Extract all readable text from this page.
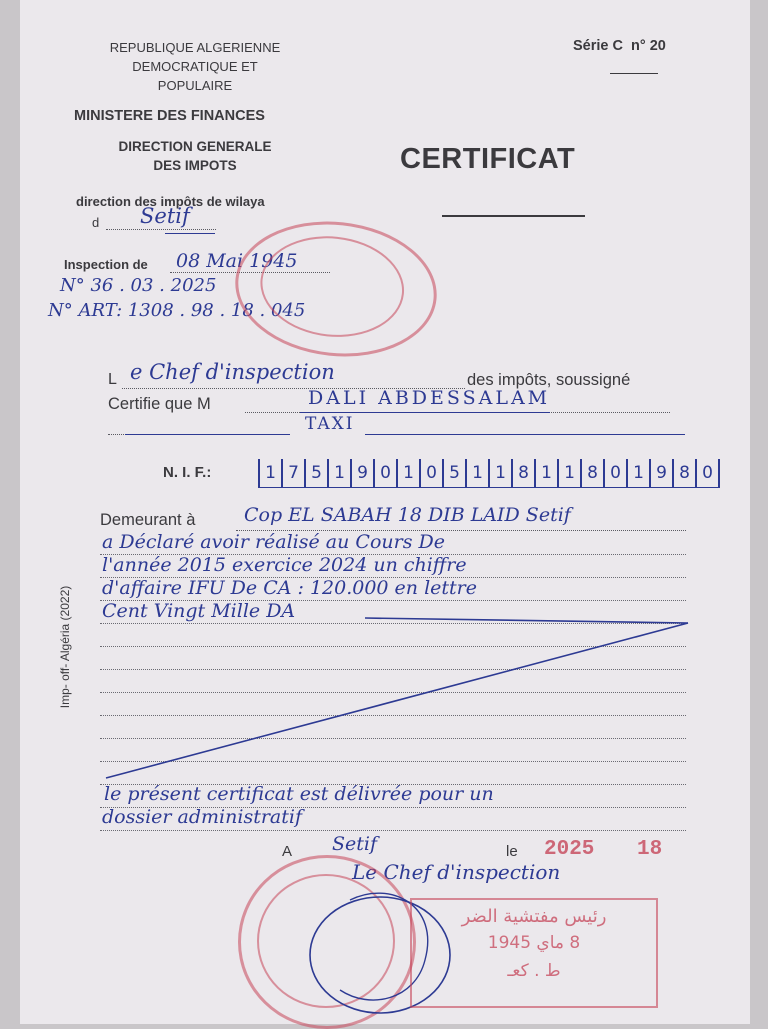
REPUBLIQUE ALGERIENNE
DEMOCRATIQUE ET
POPULAIRE
MINISTERE DES FINANCES
DIRECTION GENERALE
DES IMPOTS
Série C  n° 20
CERTIFICAT
direction des impôts de wilaya
d Setif
Inspection de 08 Mai 1945
N° 36 . 03 . 2025
N° ART: 1308 . 98 . 18 . 045
L e Chef d'inspection	des impôts, soussigné
Certifie que M	DALI ABDESSALAM
TAXI
N. I. F.:	1 7 5 1 9 0 1 0 5 1 1 8 1 1 8 0 1 9 8 0
Demeurant à	Cop EL SABAH 18 DIB LAID Setif
a Déclaré avoir réalisé au Cours De
l'année 2015 exercice 2024 un chiffre
d'affaire IFU De CA : 120.000 en lettre
Cent Vingt Mille DA
le présent certificat est délivrée pour un
dossier administratif
A Setif	le 2025 18
Le Chef d'inspection
رئيس مفتشية الضر
8 ماي 1945
ط . كعـ
Imp- off- Algéria (2022)
